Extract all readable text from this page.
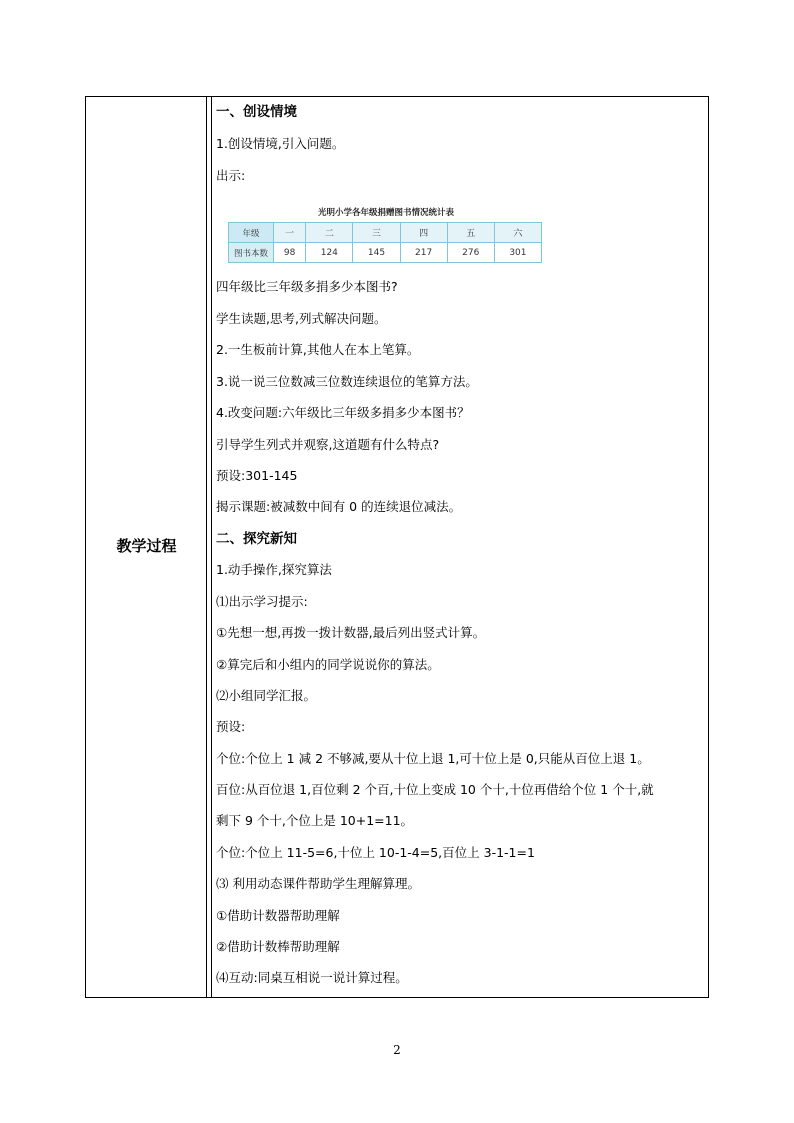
教学过程
光明小学各年级捐赠图书情况统计表
年级	一	二	三	四	五	六
图书本数	98	124	145	217	276	301
一、创设情境
1.创设情境,引入问题。
出示:
四年级比三年级多捐多少本图书?
学生读题,思考,列式解决问题。
2.一生板前计算,其他人在本上笔算。
3.说一说三位数减三位数连续退位的笔算方法。
4.改变问题:六年级比三年级多捐多少本图书？
引导学生列式并观察,这道题有什么特点?
预设:301-145
揭示课题:被减数中间有 0 的连续退位减法。
二、探究新知
1.动手操作,探究算法
⑴出示学习提示:
①先想一想,再拨一拨计数器,最后列出竖式计算。
②算完后和小组内的同学说说你的算法。
⑵小组同学汇报。
预设:
个位:个位上 1 减 2 不够减,要从十位上退 1,可十位上是 0,只能从百位上退 1。
百位:从百位退 1,百位剩 2 个百,十位上变成 10 个十,十位再借给个位 1 个十,就
剩下 9 个十,个位上是 10+1=11。
个位:个位上 11-5=6,十位上 10-1-4=5,百位上 3-1-1=1
⑶ 利用动态课件帮助学生理解算理。
①借助计数器帮助理解
②借助计数棒帮助理解
⑷互动:同桌互相说一说计算过程。
2
